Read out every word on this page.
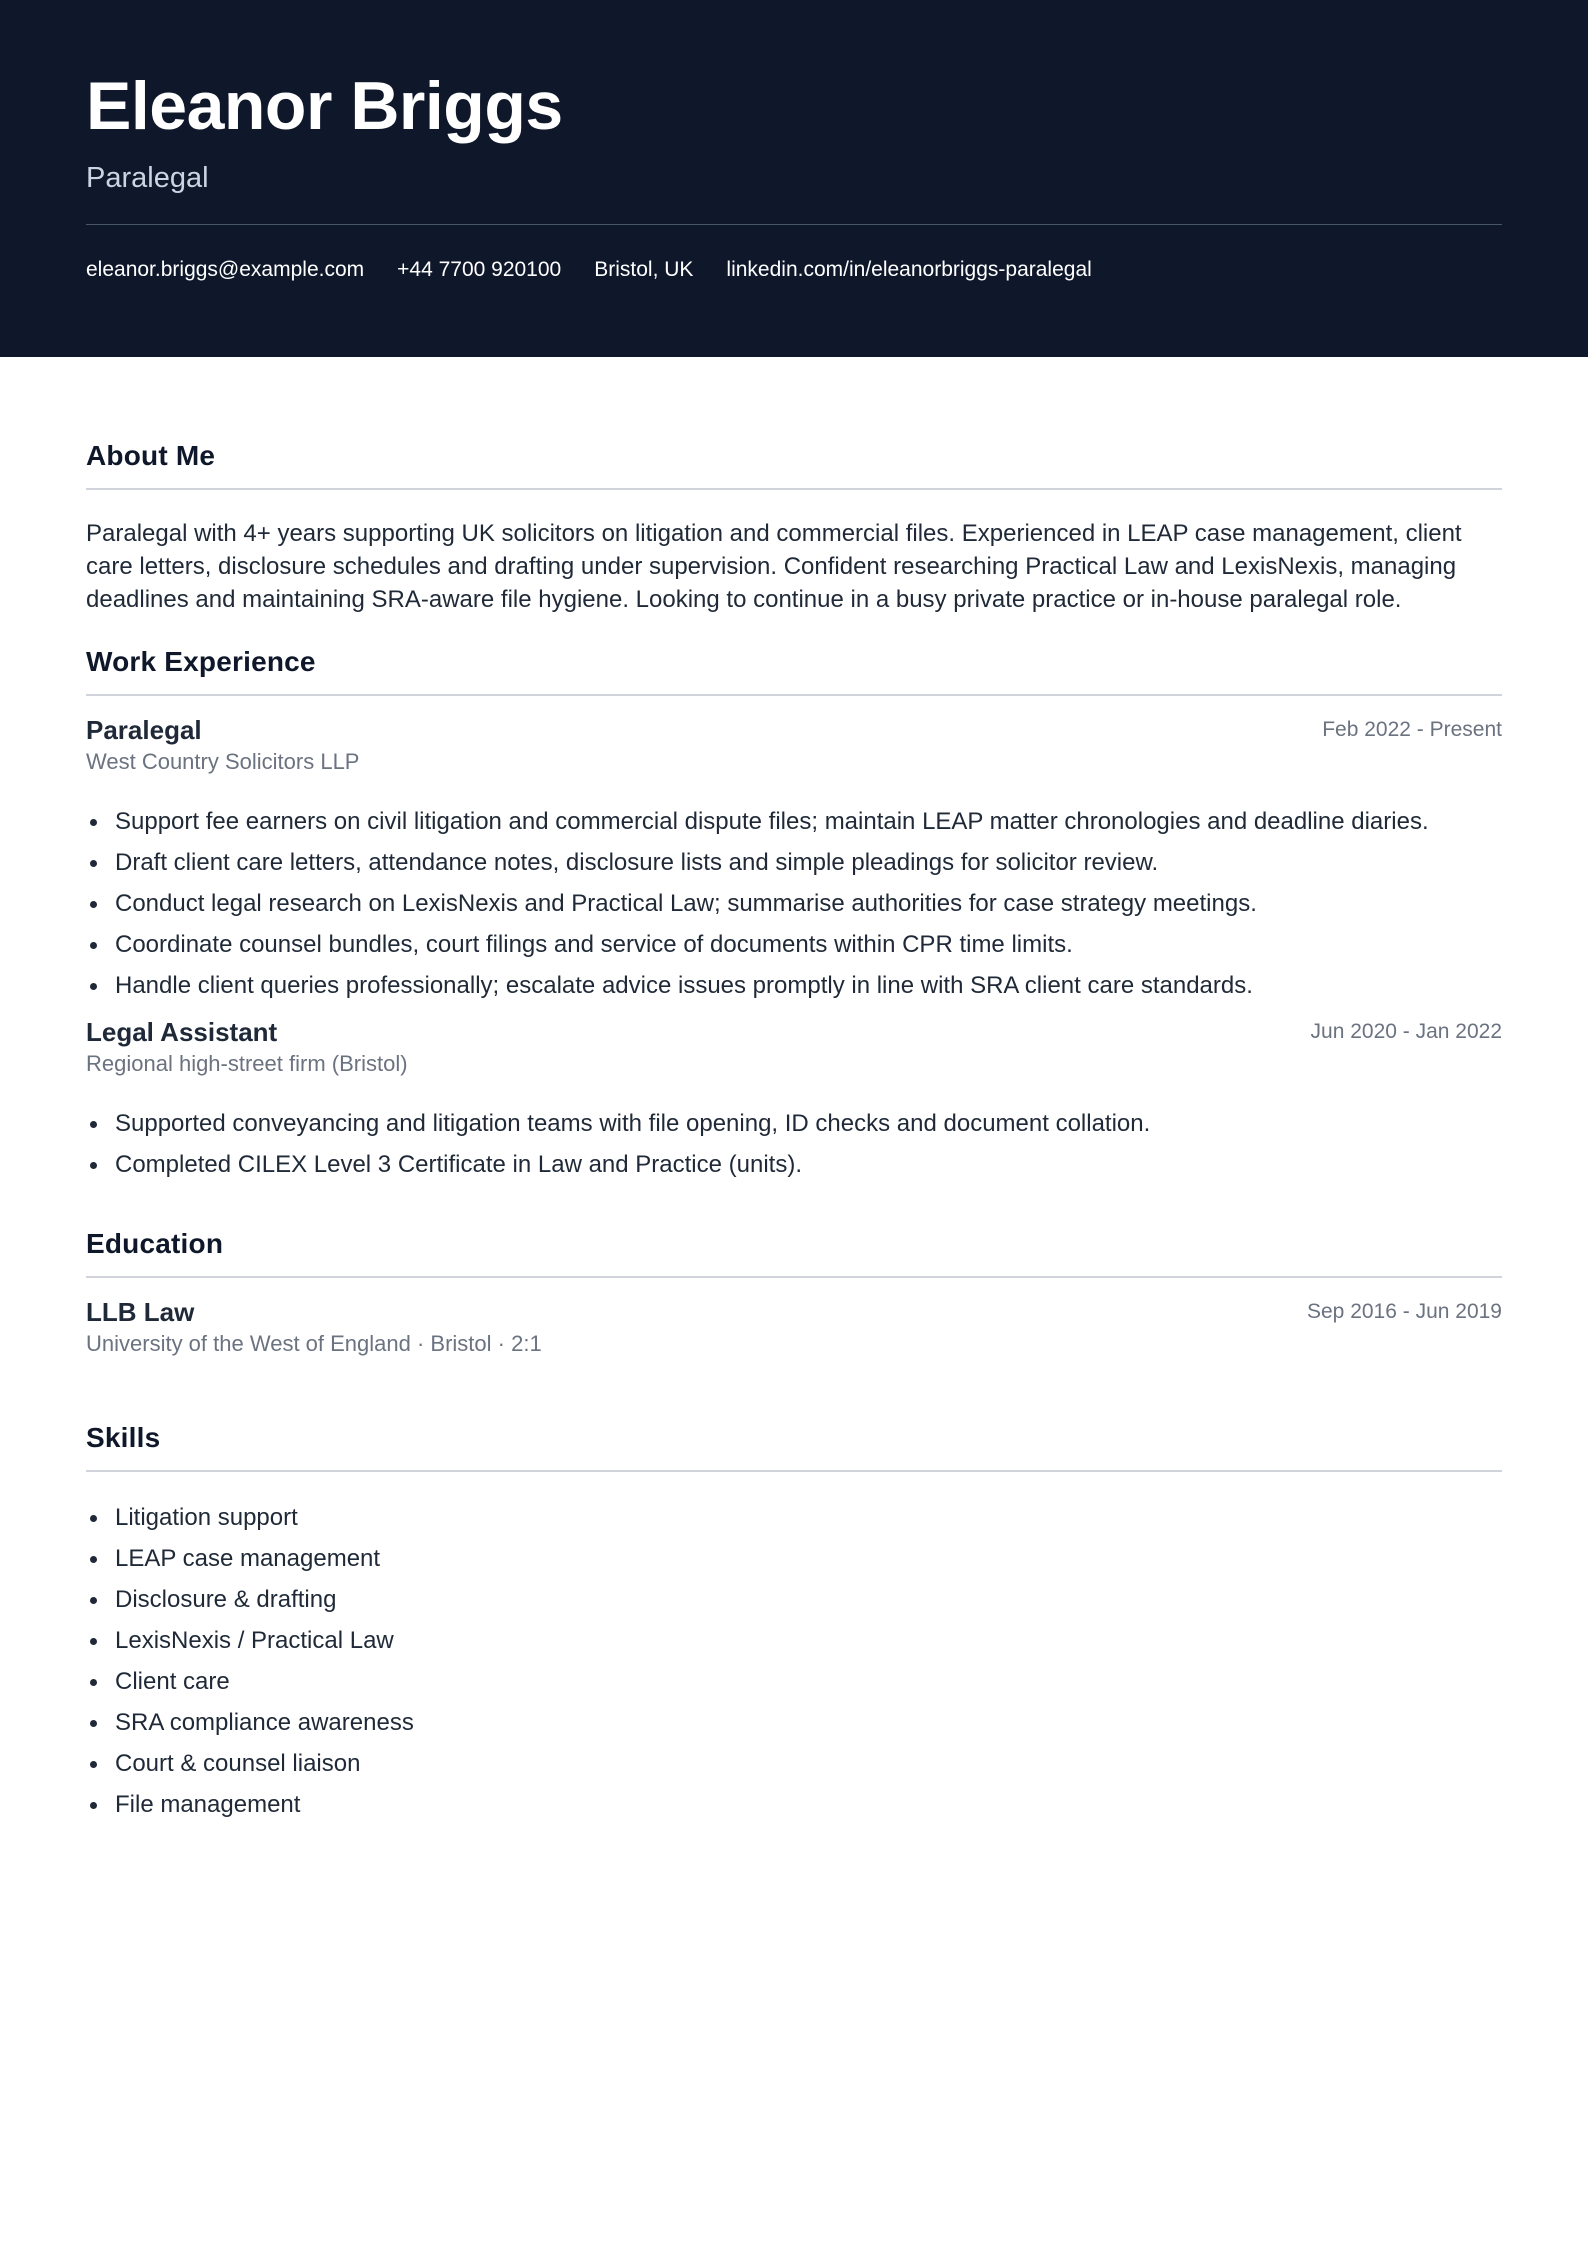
Eleanor Briggs
Paralegal
eleanor.briggs@example.com +44 7700 920100 Bristol, UK linkedin.com/in/eleanorbriggs-paralegal
About Me

Paralegal with 4+ years supporting UK solicitors on litigation and commercial files. Experienced in LEAP case management, client care letters, disclosure schedules and drafting under supervision. Confident researching Practical Law and LexisNexis, managing deadlines and maintaining SRA-aware file hygiene. Looking to continue in a busy private practice or in-house paralegal role.

Work Experience
Paralegal	Feb 2022 - Present
West Country Solicitors LLP
Support fee earners on civil litigation and commercial dispute files; maintain LEAP matter chronologies and deadline diaries.
Draft client care letters, attendance notes, disclosure lists and simple pleadings for solicitor review.
Conduct legal research on LexisNexis and Practical Law; summarise authorities for case strategy meetings.
Coordinate counsel bundles, court filings and service of documents within CPR time limits.
Handle client queries professionally; escalate advice issues promptly in line with SRA client care standards.
Legal Assistant	Jun 2020 - Jan 2022
Regional high-street firm (Bristol)
Supported conveyancing and litigation teams with file opening, ID checks and document collation.
Completed CILEX Level 3 Certificate in Law and Practice (units).
Education
LLB Law	Sep 2016 - Jun 2019
University of the West of England · Bristol · 2:1
Skills
Litigation support
LEAP case management
Disclosure & drafting
LexisNexis / Practical Law
Client care
SRA compliance awareness
Court & counsel liaison
File management
